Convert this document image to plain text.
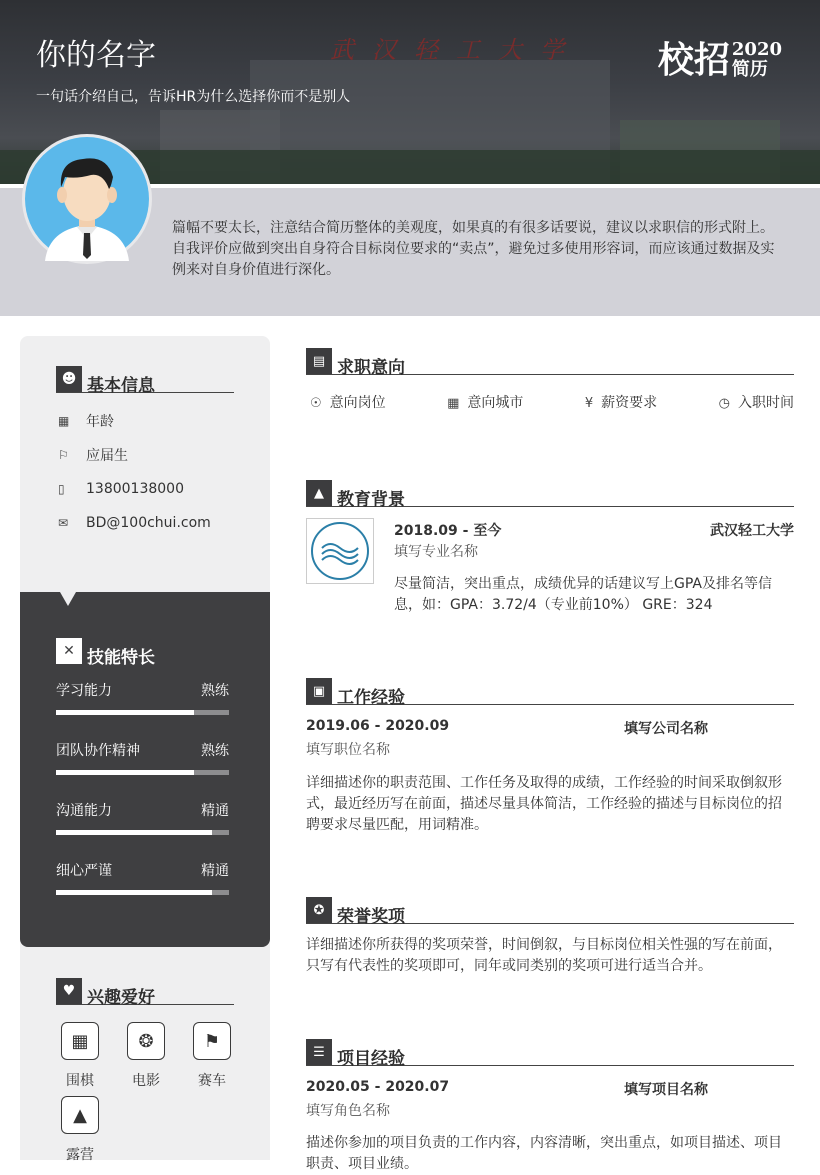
武汉轻工大学
你的名字
一句话介绍自己，告诉HR为什么选择你而不是别人
校招 2020
简历

篇幅不要太长，注意结合简历整体的美观度，如果真的有很多话要说，建议以求职信的形式附上。自我评价应做到突出自身符合目标岗位要求的“卖点”，避免过多使用形容词，而应该通过数据及实例来对自身价值进行深化。

☻ 基本信息
▦	年龄
⚐	应届生
▯	13800138000
✉	BD@100chui.com
✕ 技能特长
学习能力	熟练
团队协作精神	熟练
沟通能力	精通
细心严谨	精通
♥ 兴趣爱好
▦
围棋
❂
电影
⚑
赛车
▲
露营
▤ 求职意向
☉ 意向岗位	▦ 意向城市	¥ 薪资要求	◷ 入职时间
▲ 教育背景
2018.09 - 至今	武汉轻工大学
填写专业名称
尽量简洁，突出重点，成绩优异的话建议写上GPA及排名等信息，如：GPA：3.72/4（专业前10%） GRE：324
▣ 工作经验
2019.06 - 2020.09	填写公司名称
填写职位名称
详细描述你的职责范围、工作任务及取得的成绩，工作经验的时间采取倒叙形式，最近经历写在前面，描述尽量具体简洁，工作经验的描述与目标岗位的招聘要求尽量匹配，用词精准。
✪ 荣誉奖项
详细描述你所获得的奖项荣誉，时间倒叙，与目标岗位相关性强的写在前面，只写有代表性的奖项即可，同年或同类别的奖项可进行适当合并。
☰ 项目经验
2020.05 - 2020.07	填写项目名称
填写角色名称
描述你参加的项目负责的工作内容，内容清晰，突出重点，如项目描述、项目职责、项目业绩。
